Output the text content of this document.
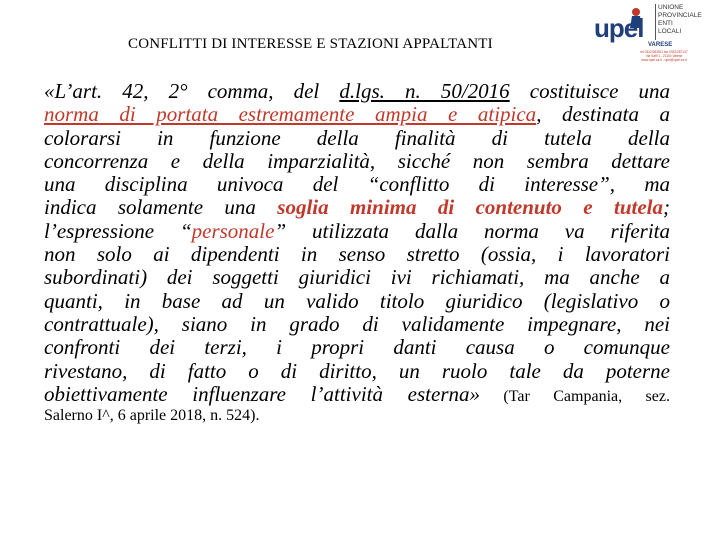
CONFLITTI DI INTERESSE E STAZIONI APPALTANTI
upel
UNIONE
PROVINCIALE
ENTI
LOCALI
VARESE
tel.0332/283811 fax 0332/287137
Via Saffi 1 - 21100 Varese
www.upel.va.it - upel@upel.va.it
«L’art. 42, 2° comma, del d.lgs. n. 50/2016 costituisce una
norma di portata estremamente ampia e atipica, destinata a
colorarsi in funzione della finalità di tutela della
concorrenza e della imparzialità, sicché non sembra dettare
una disciplina univoca del “conflitto di interesse”, ma
indica solamente una soglia minima di contenuto e tutela;
l’espressione “personale” utilizzata dalla norma va riferita
non solo ai dipendenti in senso stretto (ossia, i lavoratori
subordinati) dei soggetti giuridici ivi richiamati, ma anche a
quanti, in base ad un valido titolo giuridico (legislativo o
contrattuale), siano in grado di validamente impegnare, nei
confronti dei terzi, i propri danti causa o comunque
rivestano, di fatto o di diritto, un ruolo tale da poterne
obiettivamente influenzare l’attività esterna» (Tar Campania, sez.
Salerno I^, 6 aprile 2018, n. 524).
